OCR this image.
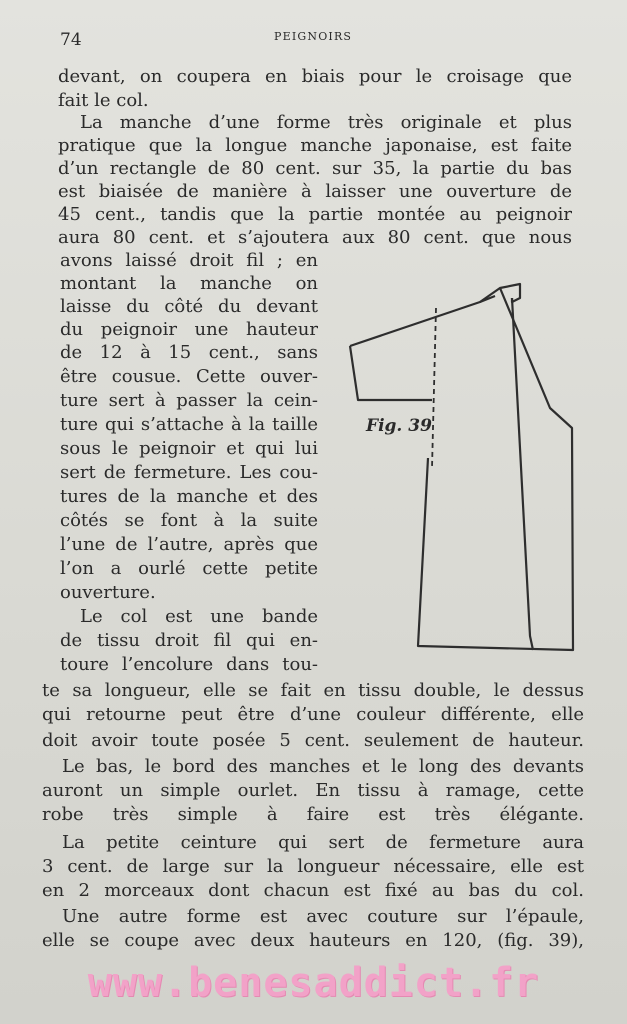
74	PEIGNOIRS
devant, on coupera en biais pour le croisage que
fait le col.
La manche d’une forme très originale et plus
pratique que la longue manche japonaise, est faite
d’un rectangle de 80 cent. sur 35, la partie du bas
est biaisée de manière à laisser une ouverture de
45 cent., tandis que la partie montée au peignoir
aura 80 cent. et s’ajoutera aux 80 cent. que nous
avons laissé droit fil ; en
montant la manche on
laisse du côté du devant
du peignoir une hauteur
de 12 à 15 cent., sans
être cousue. Cette ouver-
ture sert à passer la cein-
ture qui s’attache à la taille
sous le peignoir et qui lui
sert de fermeture. Les cou-
tures de la manche et des
côtés se font à la suite
l’une de l’autre, après que
l’on a ourlé cette petite
ouverture.
Le col est une bande
de tissu droit fil qui en-
toure l’encolure dans tou-
te sa longueur, elle se fait en tissu double, le dessus
qui retourne peut être d’une couleur différente, elle
doit avoir toute posée 5 cent. seulement de hauteur.
Le bas, le bord des manches et le long des devants
auront un simple ourlet. En tissu à ramage, cette
robe très simple à faire est très élégante.
La petite ceinture qui sert de fermeture aura
3 cent. de large sur la longueur nécessaire, elle est
en 2 morceaux dont chacun est fixé au bas du col.
Une autre forme est avec couture sur l’épaule,
elle se coupe avec deux hauteurs en 120, (fig. 39),
Fig. 39
www.benesaddict.fr
